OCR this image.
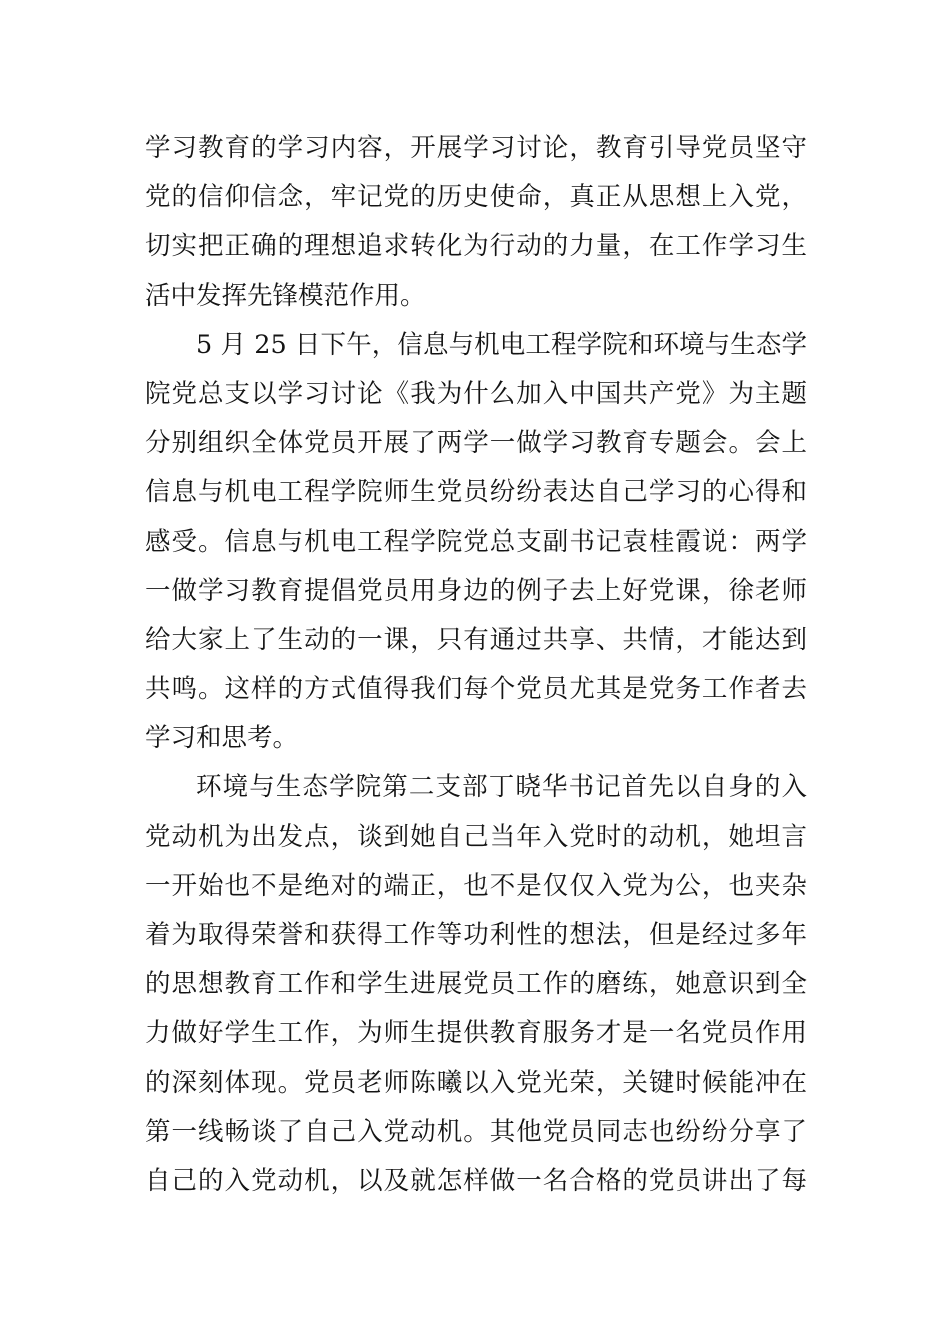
学习教育的学习内容，开展学习讨论，教育引导党员坚守
党的信仰信念，牢记党的历史使命，真正从思想上入党，
切实把正确的理想追求转化为行动的力量，在工作学习生
活中发挥先锋模范作用。
5 月 25 日下午，信息与机电工程学院和环境与生态学
院党总支以学习讨论《我为什么加入中国共产党》为主题
分别组织全体党员开展了两学一做学习教育专题会。会上
信息与机电工程学院师生党员纷纷表达自己学习的心得和
感受。信息与机电工程学院党总支副书记袁桂霞说：两学
一做学习教育提倡党员用身边的例子去上好党课，徐老师
给大家上了生动的一课，只有通过共享、共情，才能达到
共鸣。这样的方式值得我们每个党员尤其是党务工作者去
学习和思考。
环境与生态学院第二支部丁晓华书记首先以自身的入
党动机为出发点，谈到她自己当年入党时的动机，她坦言
一开始也不是绝对的端正，也不是仅仅入党为公，也夹杂
着为取得荣誉和获得工作等功利性的想法，但是经过多年
的思想教育工作和学生进展党员工作的磨练，她意识到全
力做好学生工作，为师生提供教育服务才是一名党员作用
的深刻体现。党员老师陈曦以入党光荣，关键时候能冲在
第一线畅谈了自己入党动机。其他党员同志也纷纷分享了
自己的入党动机，以及就怎样做一名合格的党员讲出了每
